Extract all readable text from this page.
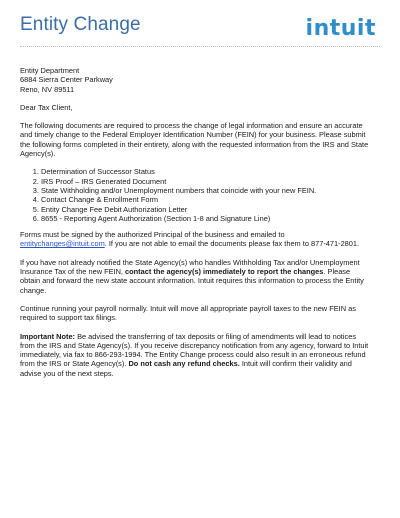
Entity Change	intuit
Entity Department
6884 Sierra Center Parkway
Reno, NV 89511
Dear Tax Client,
The following documents are required to process the change of legal information and ensure an accurate and timely change to the Federal Employer Identification Number (FEIN) for your business. Please submit the following forms completed in their entirety, along with the requested information from the IRS and State Agency(s).
1. Determination of Successor Status
2. IRS Proof – IRS Generated Document
3. State Withholding and/or Unemployment numbers that coincide with your new FEIN.
4. Contact Change & Enrollment Form
5. Entity Change Fee Debit Authorization Letter
6. 8655 - Reporting Agent Authorization (Section 1-8 and Signature Line)
Forms must be signed by the authorized Principal of the business and emailed to entitychanges@intuit.com. If you are not able to email the documents please fax them to 877-471-2801.
If you have not already notified the State Agency(s) who handles Withholding Tax and/or Unemployment Insurance Tax of the new FEIN, contact the agency(s) immediately to report the changes. Please obtain and forward the new state account information. Intuit requires this information to process the Entity change.
Continue running your payroll normally. Intuit will move all appropriate payroll taxes to the new FEIN as required to support tax filings.
Important Note: Be advised the transferring of tax deposits or filing of amendments will lead to notices from the IRS and State Agency(s). If you receive discrepancy notification from any agency, forward to Intuit immediately, via fax to 866-293-1994. The Entity Change process could also result in an erroneous refund from the IRS or State Agency(s). Do not cash any refund checks. Intuit will confirm their validity and advise you of the next steps.
